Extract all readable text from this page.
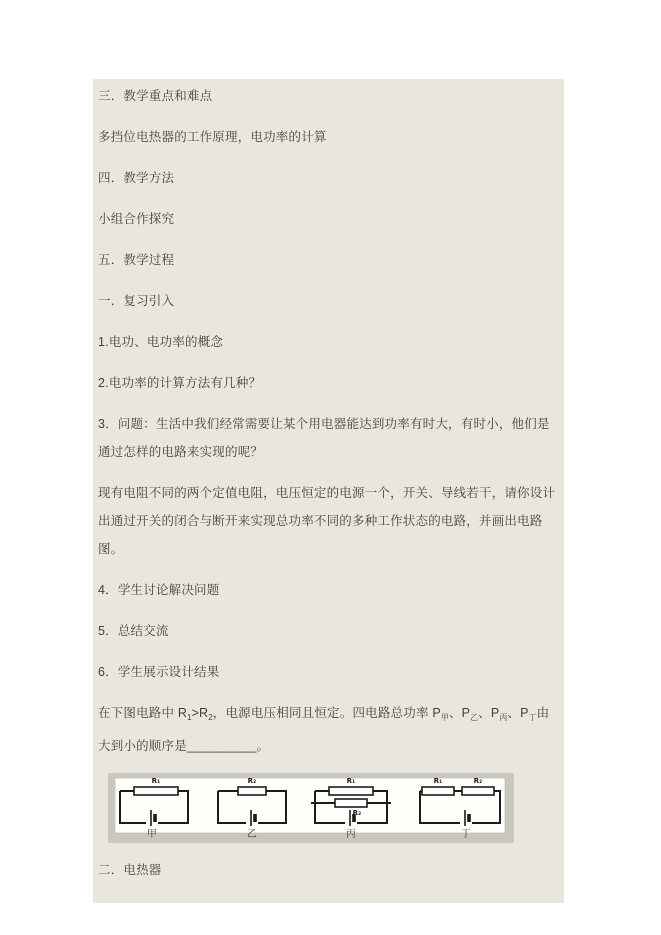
三．教学重点和难点

多挡位电热器的工作原理，电功率的计算

四．教学方法

小组合作探究

五．教学过程

一．复习引入

1.电功、电功率的概念

2.电功率的计算方法有几种？

3．问题：生活中我们经常需要让某个用电器能达到功率有时大，有时小，他们是通过怎样的电路来实现的呢？

现有电阻不同的两个定值电阻，电压恒定的电源一个，开关、导线若干，请你设计出通过开关的闭合与断开来实现总功率不同的多种工作状态的电路，并画出电路图。

4．学生讨论解决问题

5．总结交流

6．学生展示设计结果

在下图电路中 $R_1>R_2$，电源电压相同且恒定。四电路总功率 $P_甲$、$P_乙$、$P_丙$、$P_丁$由大到小的顺序是__________。

R₁
甲
R₂
乙
R₁
R₂
丙
R₁	R₂
丁

二．电热器
